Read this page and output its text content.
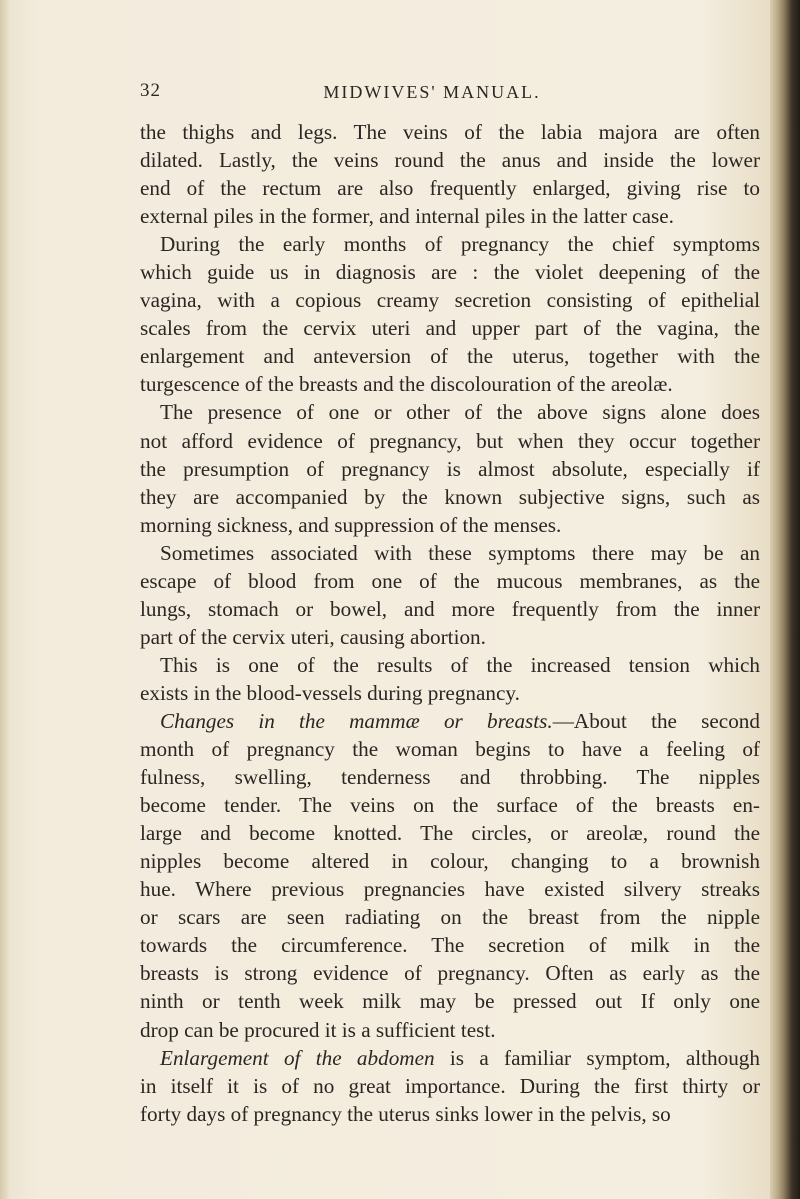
32	MIDWIVES' MANUAL.
the thighs and legs. The veins of the labia majora are often
dilated. Lastly, the veins round the anus and inside the lower
end of the rectum are also frequently enlarged, giving rise to
external piles in the former, and internal piles in the latter case.
During the early months of pregnancy the chief symptoms
which guide us in diagnosis are : the violet deepening of the
vagina, with a copious creamy secretion consisting of epithelial
scales from the cervix uteri and upper part of the vagina, the
enlargement and anteversion of the uterus, together with the
turgescence of the breasts and the discolouration of the areolæ.
The presence of one or other of the above signs alone does
not afford evidence of pregnancy, but when they occur together
the presumption of pregnancy is almost absolute, especially if
they are accompanied by the known subjective signs, such as
morning sickness, and suppression of the menses.
Sometimes associated with these symptoms there may be an
escape of blood from one of the mucous membranes, as the
lungs, stomach or bowel, and more frequently from the inner
part of the cervix uteri, causing abortion.
This is one of the results of the increased tension which
exists in the blood-vessels during pregnancy.
Changes in the mammæ or breasts.—About the second
month of pregnancy the woman begins to have a feeling of
fulness, swelling, tenderness and throbbing. The nipples
become tender. The veins on the surface of the breasts en-
large and become knotted. The circles, or areolæ, round the
nipples become altered in colour, changing to a brownish
hue. Where previous pregnancies have existed silvery streaks
or scars are seen radiating on the breast from the nipple
towards the circumference. The secretion of milk in the
breasts is strong evidence of pregnancy. Often as early as the
ninth or tenth week milk may be pressed out If only one
drop can be procured it is a sufficient test.
Enlargement of the abdomen is a familiar symptom, although
in itself it is of no great importance. During the first thirty or
forty days of pregnancy the uterus sinks lower in the pelvis, so
